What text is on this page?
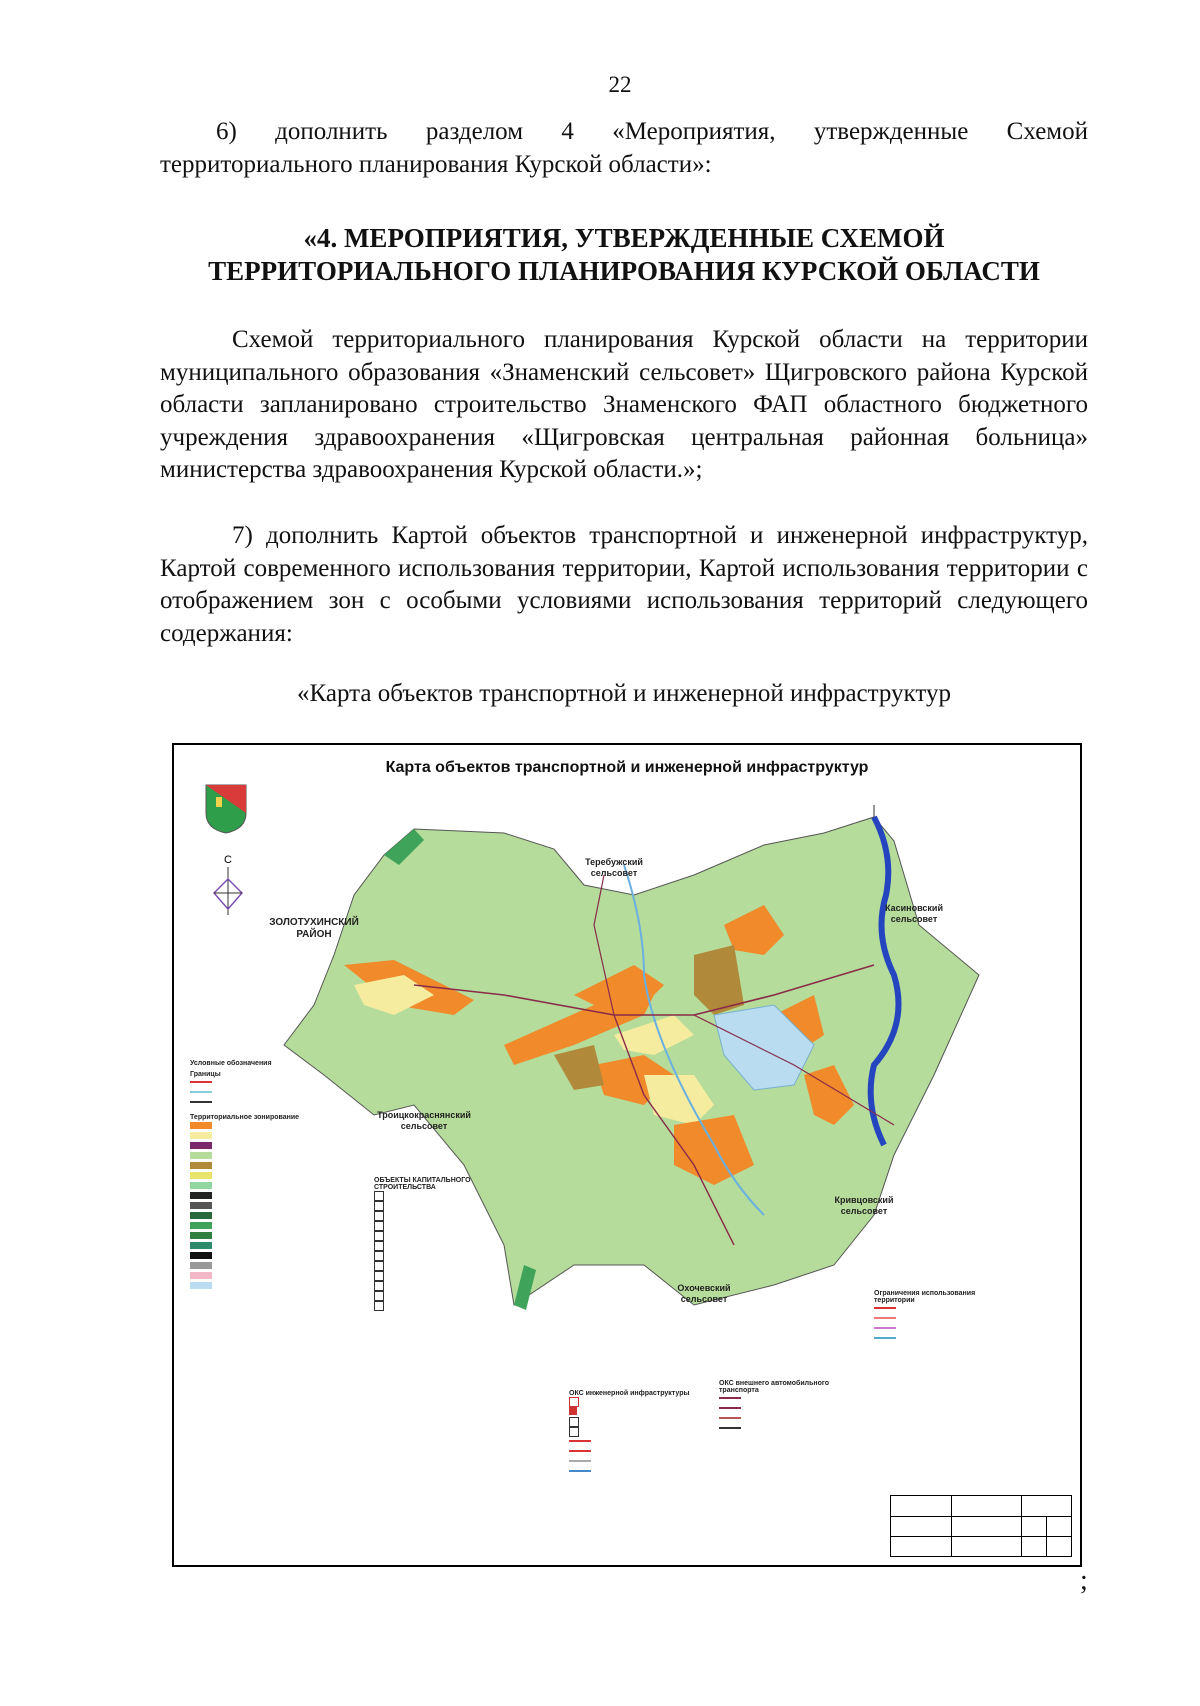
22
6) дополнить разделом 4 «Мероприятия, утвержденные Схемой территориального планирования Курской области»:
«4. МЕРОПРИЯТИЯ, УТВЕРЖДЕННЫЕ СХЕМОЙ
ТЕРРИТОРИАЛЬНОГО ПЛАНИРОВАНИЯ КУРСКОЙ ОБЛАСТИ
Схемой территориального планирования Курской области на территории муниципального образования «Знаменский сельсовет» Щигровского района Курской области запланировано строительство Знаменского ФАП областного бюджетного учреждения здравоохранения «Щигровская центральная районная больница» министерства здравоохранения Курской области.»;
7) дополнить Картой объектов транспортной и инженерной инфраструктур, Картой современного использования территории, Картой использования территории с отображением зон с особыми условиями использования территорий следующего содержания:
«Карта объектов транспортной и инженерной инфраструктур
Карта объектов транспортной и инженерной инфраструктур
С
ЗОЛОТУХИНСКИЙ
РАЙОН
Теребужский
сельсовет
Касиновский
сельсовет
Троицкокраснянский
сельсовет
Кривцовский
сельсовет
Охочевский
сельсовет
Условные обозначения
Границы
Территориальное зонирование
ОБЪЕКТЫ КАПИТАЛЬНОГО СТРОИТЕЛЬСТВА
ОКС инженерной инфраструктуры
ОКС внешнего автомобильного транспорта
Ограничения использования территории
;
